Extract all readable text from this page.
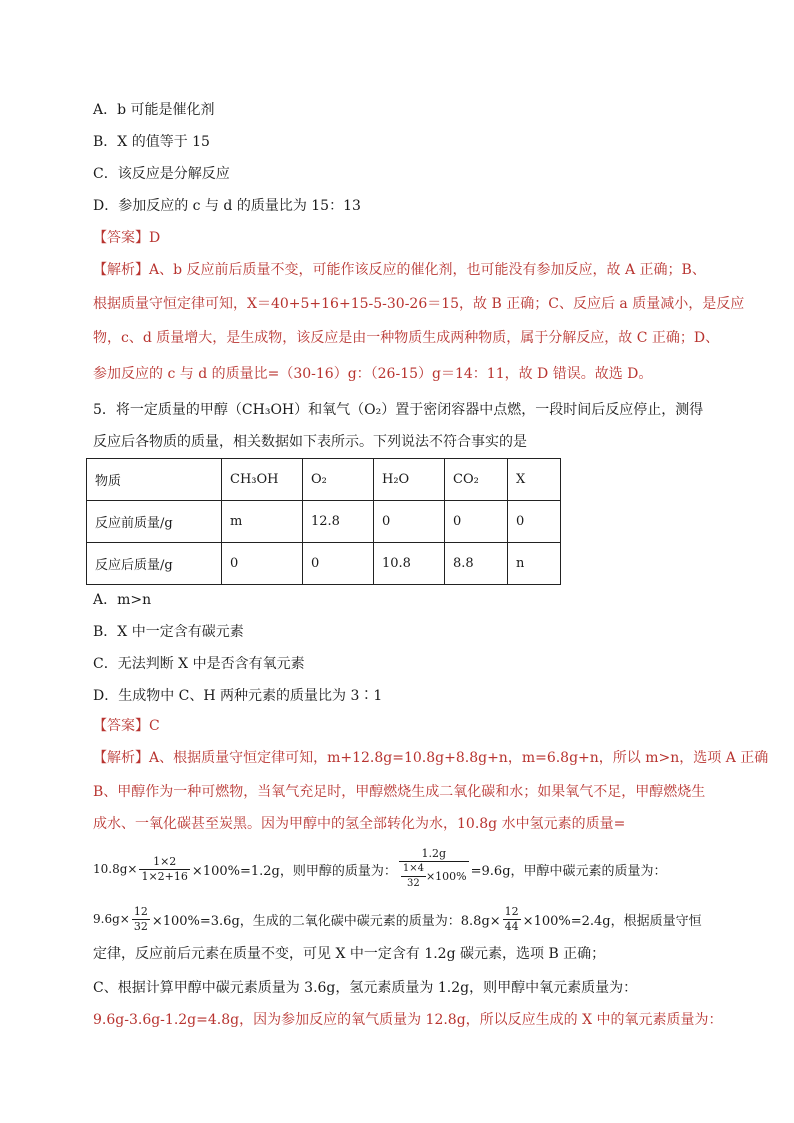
A．b 可能是催化剂
B．X 的值等于 15
C．该反应是分解反应
D．参加反应的 c 与 d 的质量比为 15：13
【答案】D
【解析】A、b 反应前后质量不变，可能作该反应的催化剂，也可能没有参加反应，故 A 正确；B、
根据质量守恒定律可知，X＝40+5+16+15-5-30-26＝15，故 B 正确；C、反应后 a 质量减小，是反应
物，c、d 质量增大，是生成物，该反应是由一种物质生成两种物质，属于分解反应，故 C 正确；D、
参加反应的 c 与 d 的质量比=（30-16）g：（26-15）g＝14：11，故 D 错误。故选 D。
5．将一定质量的甲醇（CH₃OH）和氧气（O₂）置于密闭容器中点燃，一段时间后反应停止，测得
反应后各物质的质量，相关数据如下表所示。下列说法不符合事实的是
物质	CH₃OH	O₂	H₂O	CO₂	X
反应前质量/g	m	12.8	0	0	0
反应后质量/g	0	0	10.8	8.8	n
A．m>n
B．X 中一定含有碳元素
C．无法判断 X 中是否含有氧元素
D．生成物中 C、H 两种元素的质量比为 3∶1
【答案】C
【解析】A、根据质量守恒定律可知，m+12.8g=10.8g+8.8g+n，m=6.8g+n，所以 m>n，选项 A 正确
B、甲醇作为一种可燃物，当氧气充足时，甲醇燃烧生成二氧化碳和水；如果氧气不足，甲醇燃烧生
成水、一氧化碳甚至炭黑。因为甲醇中的氢全部转化为水，10.8g 水中氢元素的质量=
$10.8g\times \frac{1\times 2}{1\times 2+16} \times 100\%=1.2g$，则甲醇的质量为： $\frac{1.2g}{\frac{1\times 4}{32} \times 100\%} =9.6g$，甲醇中碳元素的质量为：
$9.6g\times \frac{12}{32} \times 100\%=3.6g$，生成的二氧化碳中碳元素的质量为：$8.8g\times \frac{12}{44} \times 100\%=2.4g$，根据质量守恒
定律，反应前后元素在质量不变，可见 X 中一定含有 1.2g 碳元素，选项 B 正确；
C、根据计算甲醇中碳元素质量为 3.6g，氢元素质量为 1.2g，则甲醇中氧元素质量为：
9.6g-3.6g-1.2g=4.8g，因为参加反应的氧气质量为 12.8g，所以反应生成的 X 中的氧元素质量为：
